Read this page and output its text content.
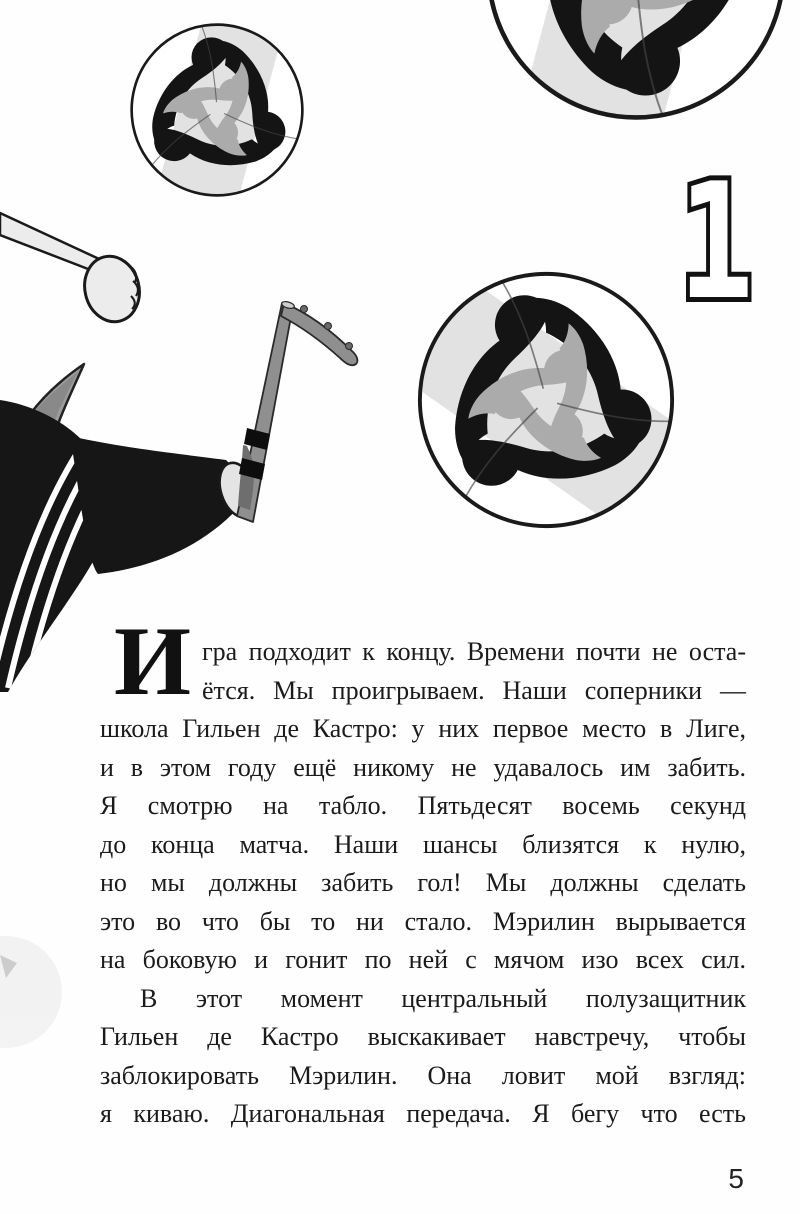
1
И гра подходит к концу. Времени почти не оста-
ётся. Мы проигрываем. Наши соперники —
школа Гильен де Кастро: у них первое место в Лиге,
и в этом году ещё никому не удавалось им забить.
Я смотрю на табло. Пятьдесят восемь секунд
до конца матча. Наши шансы близятся к нулю,
но мы должны забить гол! Мы должны сделать
это во что бы то ни стало. Мэрилин вырывается
на боковую и гонит по ней с мячом изо всех сил.
В этот момент центральный полузащитник
Гильен де Кастро выскакивает навстречу, чтобы
заблокировать Мэрилин. Она ловит мой взгляд:
я киваю. Диагональная передача. Я бегу что есть
5
